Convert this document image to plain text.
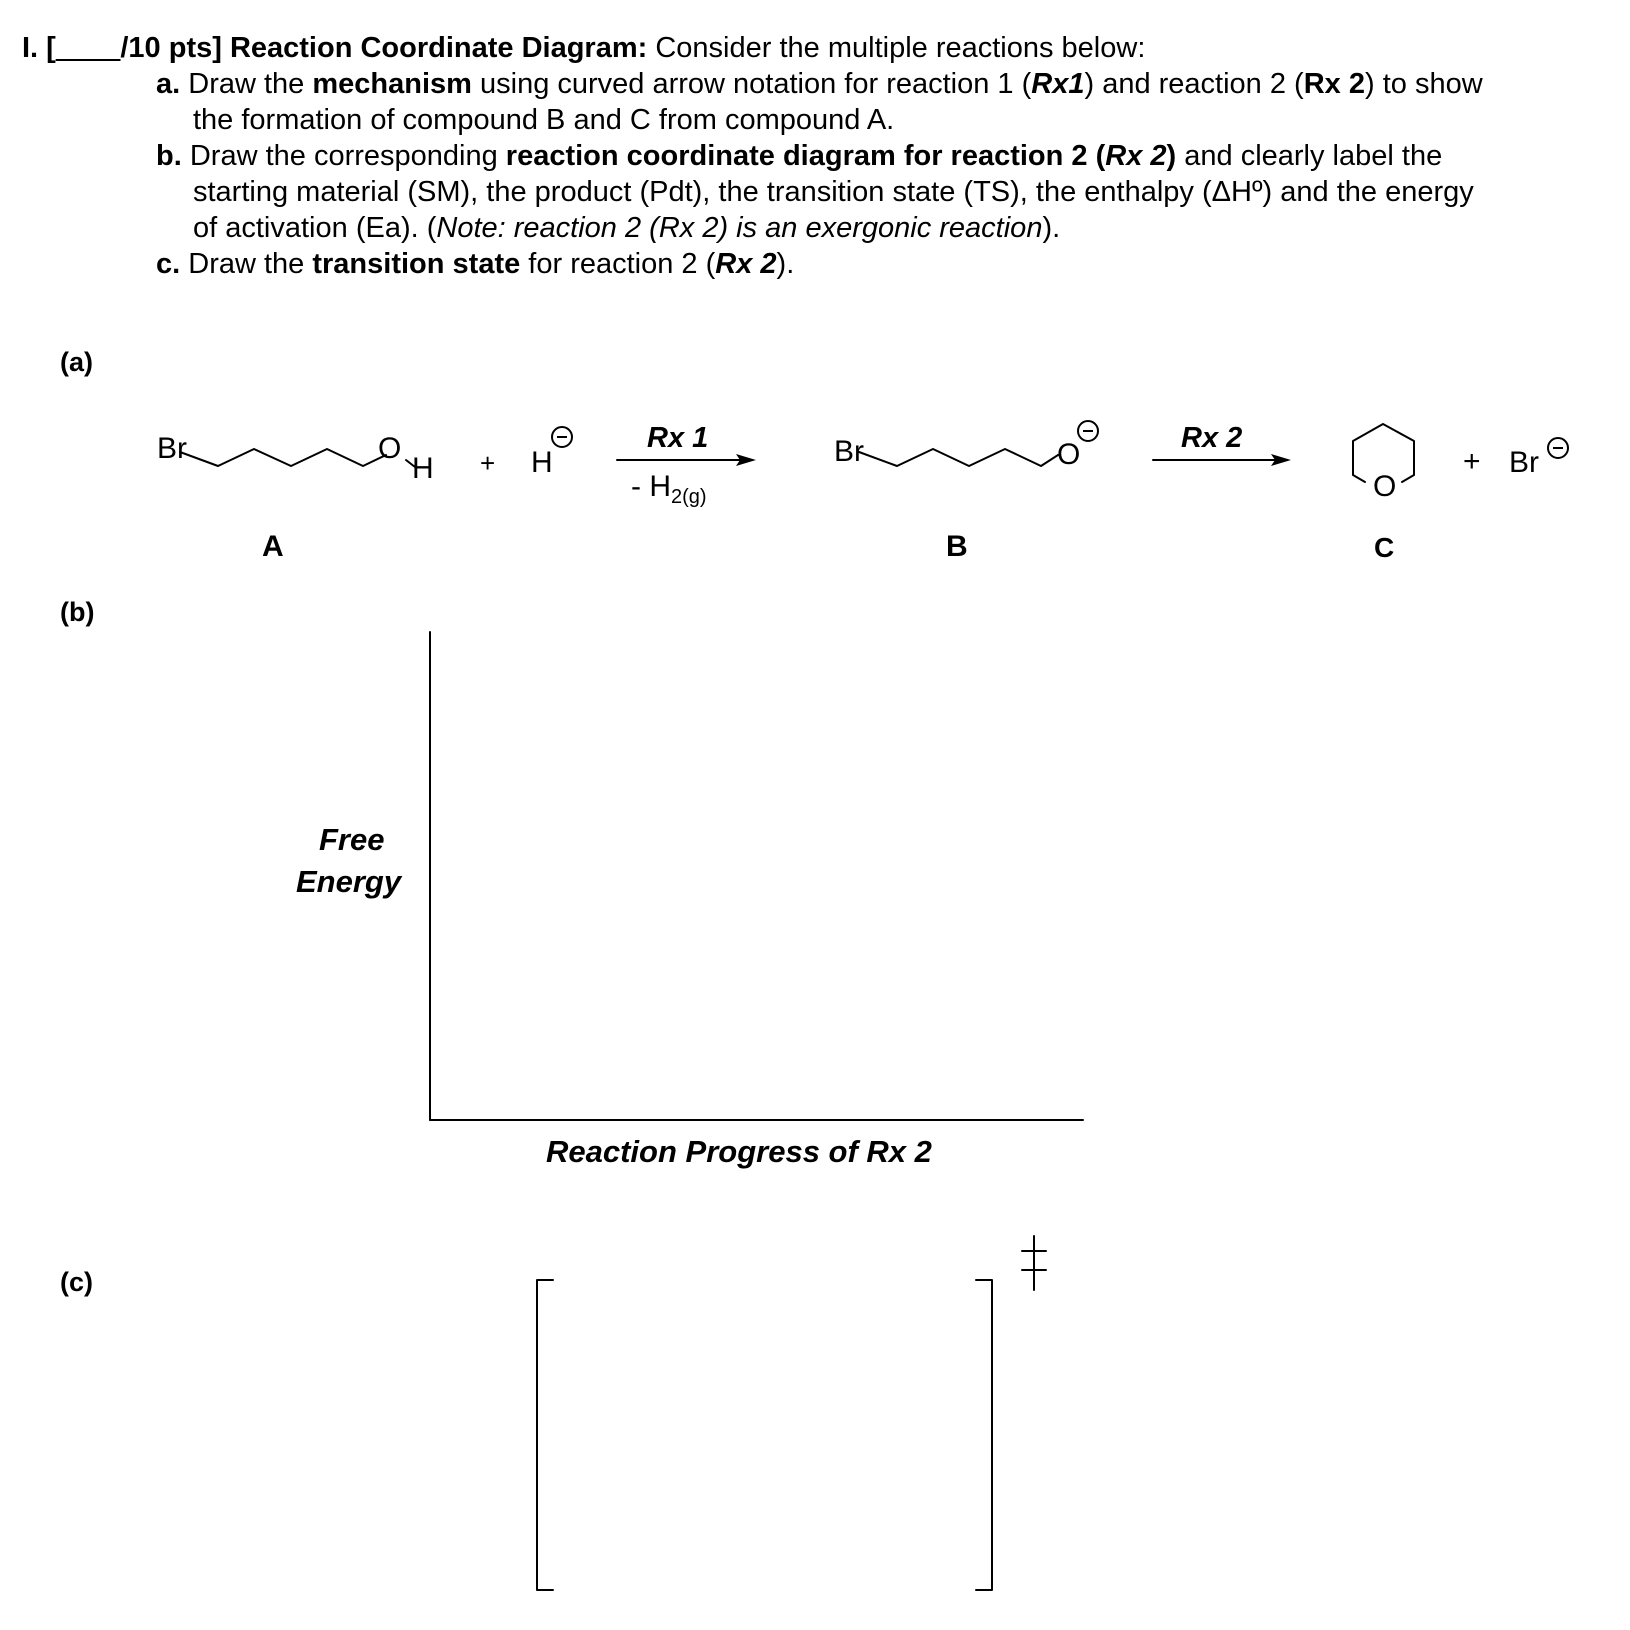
I. [____/10 pts] Reaction Coordinate Diagram: Consider the multiple reactions below:
a. Draw the mechanism using curved arrow notation for reaction 1 (Rx1) and reaction 2 (Rx 2) to show
the formation of compound B and C from compound A.
b. Draw the corresponding reaction coordinate diagram for reaction 2 (Rx 2) and clearly label the
starting material (SM), the product (Pdt), the transition state (TS), the enthalpy (ΔHº) and the energy
of activation (Ea). (Note: reaction 2 (Rx 2) is an exergonic reaction).
c. Draw the transition state for reaction 2 (Rx 2).
(a)
(b)
(c)
Br	O
H + H
Rx 1
- $H_{2(g)}$
Br	O	Rx 2
O
+ Br
A	B	C
Free
Energy
Reaction Progress of Rx 2
